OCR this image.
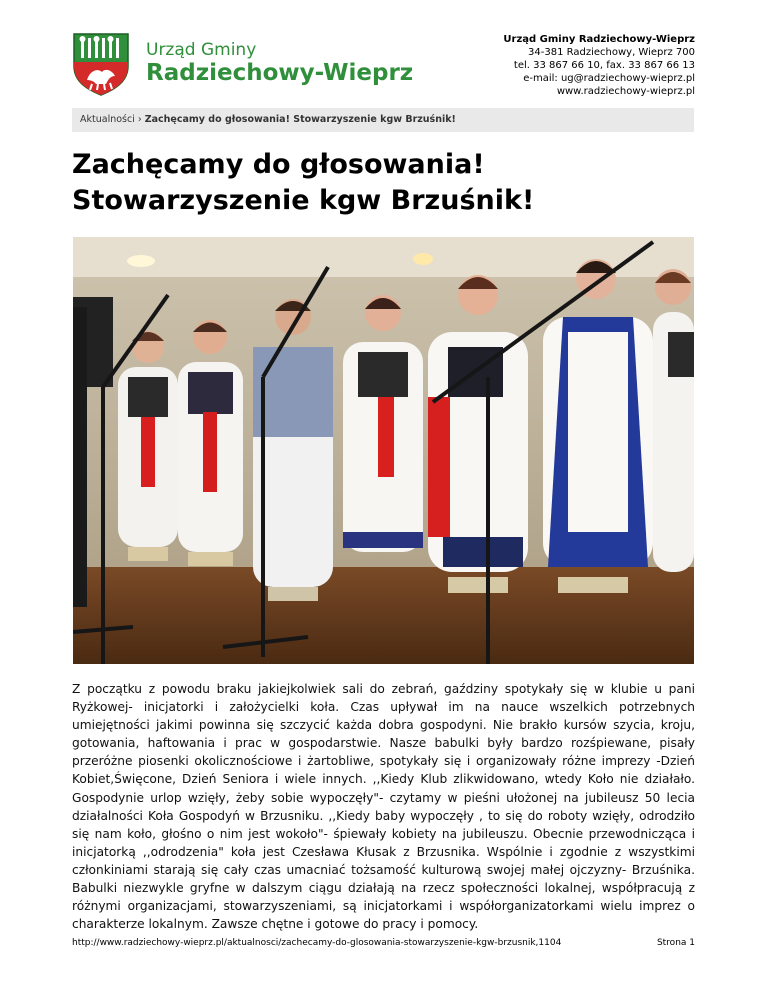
Urząd Gminy
Radziechowy-Wieprz
Urząd Gminy Radziechowy-Wieprz
34-381 Radziechowy, Wieprz 700
tel. 33 867 66 10, fax. 33 867 66 13
e-mail: ug@radziechowy-wieprz.pl
www.radziechowy-wieprz.pl
Aktualności › Zachęcamy do głosowania! Stowarzyszenie kgw Brzuśnik!
Zachęcamy do głosowania!
Stowarzyszenie kgw Brzuśnik!

Z początku z powodu braku jakiejkolwiek sali do zebrań, gaździny spotykały się w klubie u pani Ryżkowej- inicjatorki i założycielki koła. Czas upływał im na nauce wszelkich potrzebnych umiejętności jakimi powinna się szczycić każda dobra gospodyni. Nie brakło kursów szycia, kroju, gotowania, haftowania i prac w gospodarstwie. Nasze babulki były bardzo rozśpiewane, pisały przeróżne piosenki okolicznościowe i żartobliwe, spotykały się i organizowały różne imprezy -Dzień Kobiet,Święcone, Dzień Seniora i wiele innych. ,,Kiedy Klub zlikwidowano, wtedy Koło nie działało. Gospodynie urlop wzięły, żeby sobie wypoczęły"- czytamy w pieśni ułożonej na jubileusz 50 lecia działalności Koła Gospodyń w Brzusniku. ,,Kiedy baby wypoczęły , to się do roboty wzięły, odrodziło się nam koło, głośno o nim jest wokoło"- śpiewały kobiety na jubileuszu. Obecnie przewodnicząca i inicjatorką ,,odrodzenia" koła jest Czesława Kłusak z Brzusnika. Wspólnie i zgodnie z wszystkimi członkiniami starają się cały czas umacniać tożsamość kulturową swojej małej ojczyzny- Brzuśnika. Babulki niezwykle gryfne w dalszym ciągu działają na rzecz społeczności lokalnej, współpracują z różnymi organizacjami, stowarzyszeniami, są inicjatorkami i współorganizatorkami wielu imprez o charakterze lokalnym. Zawsze chętne i gotowe do pracy i pomocy.

http://www.radziechowy-wieprz.pl/aktualnosci/zachecamy-do-glosowania-stowarzyszenie-kgw-brzusnik,1104	Strona 1
